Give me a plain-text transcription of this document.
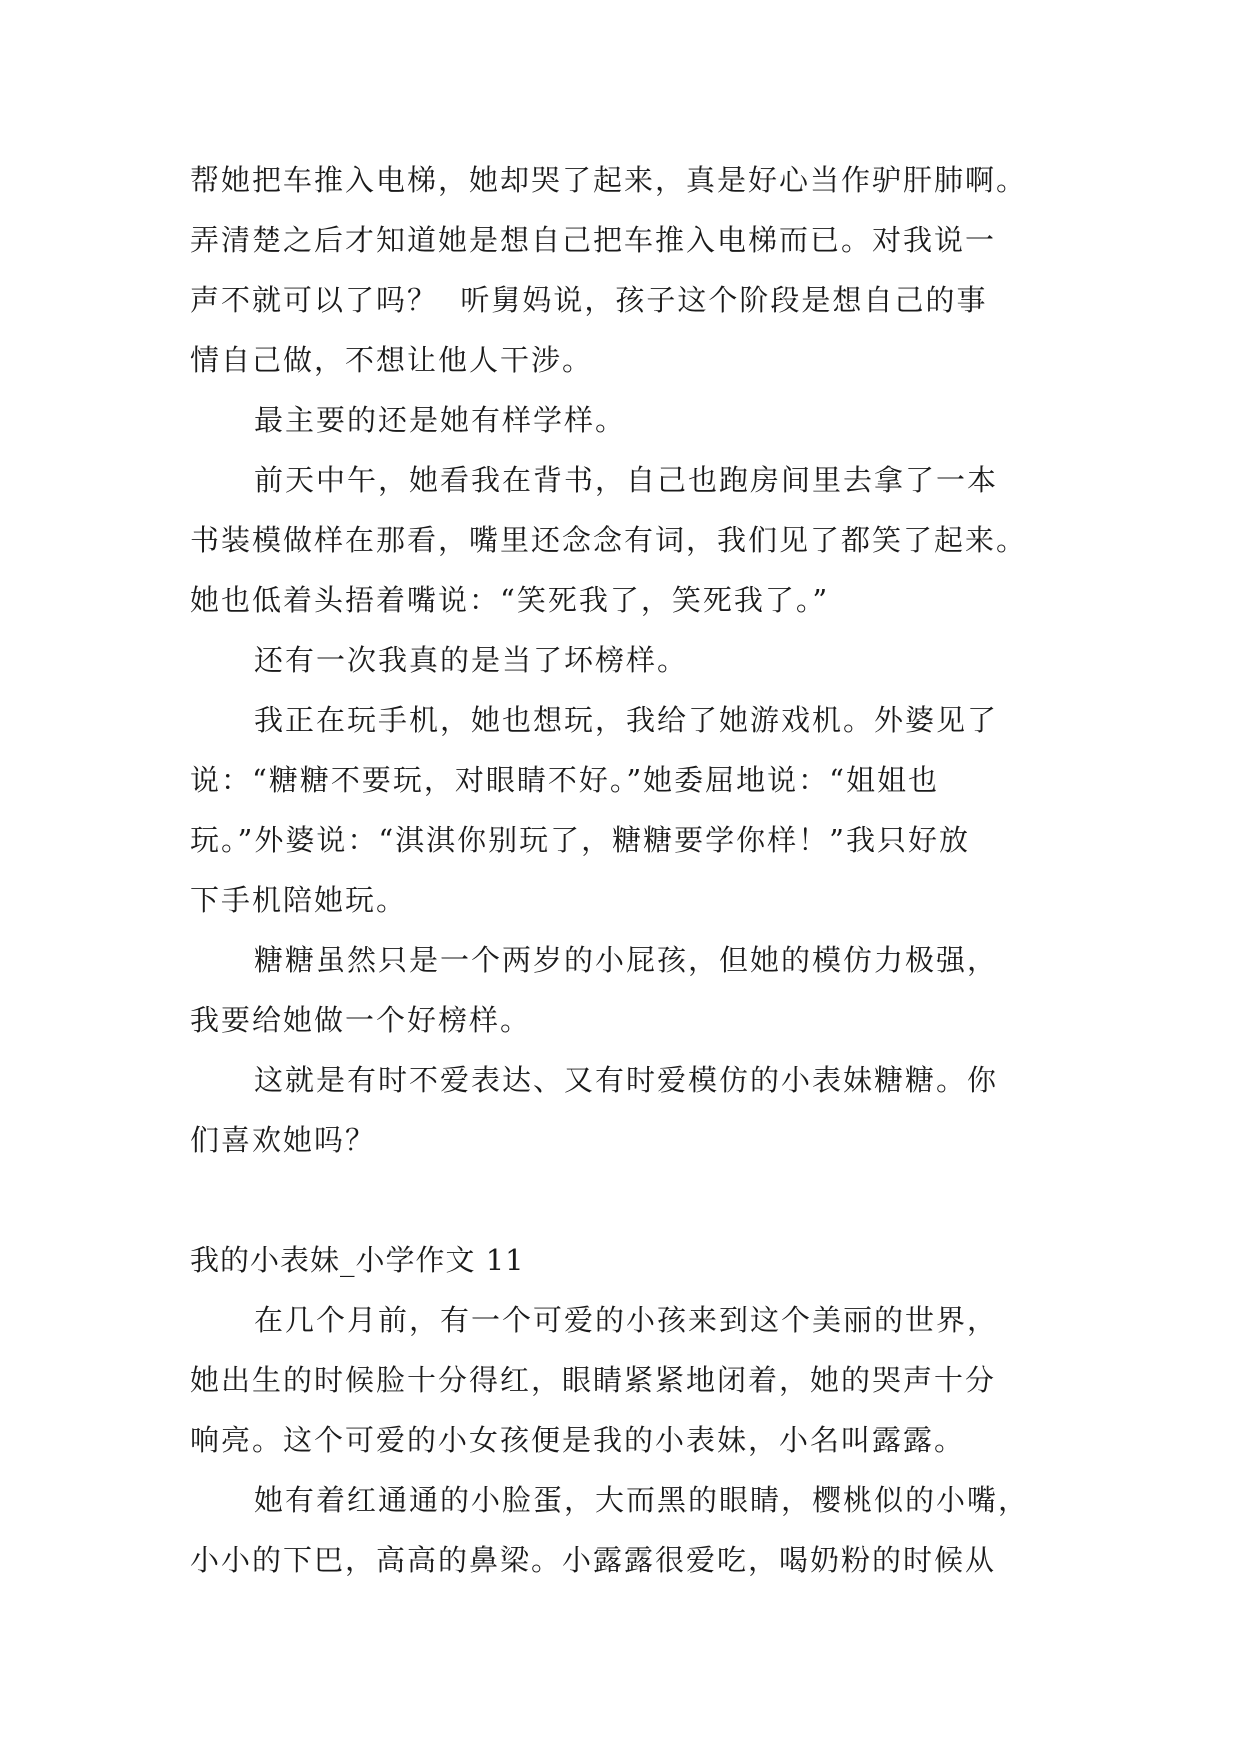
帮她把车推入电梯，她却哭了起来，真是好心当作驴肝肺啊。

弄清楚之后才知道她是想自己把车推入电梯而已。对我说一

声不就可以了吗？  听舅妈说，孩子这个阶段是想自己的事

情自己做，不想让他人干涉。

最主要的还是她有样学样。

前天中午，她看我在背书，自己也跑房间里去拿了一本

书装模做样在那看，嘴里还念念有词，我们见了都笑了起来。

她也低着头捂着嘴说：“笑死我了，笑死我了。”

还有一次我真的是当了坏榜样。

我正在玩手机，她也想玩，我给了她游戏机。外婆见了

说：“糖糖不要玩，对眼睛不好。”她委屈地说：“姐姐也

玩。”外婆说：“淇淇你别玩了，糖糖要学你样！”我只好放

下手机陪她玩。

糖糖虽然只是一个两岁的小屁孩，但她的模仿力极强，

我要给她做一个好榜样。

这就是有时不爱表达、又有时爱模仿的小表妹糖糖。你

们喜欢她吗？

我的小表妹_小学作文 11

在几个月前，有一个可爱的小孩来到这个美丽的世界，

她出生的时候脸十分得红，眼睛紧紧地闭着，她的哭声十分

响亮。这个可爱的小女孩便是我的小表妹，小名叫露露。

她有着红通通的小脸蛋，大而黑的眼睛，樱桃似的小嘴，

小小的下巴，高高的鼻梁。小露露很爱吃，喝奶粉的时候从
